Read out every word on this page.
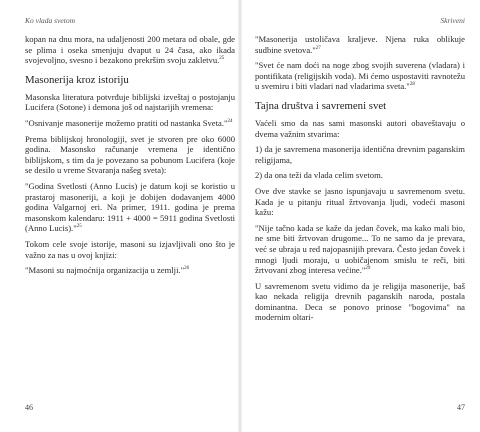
Ko vlada svetom

kopan na dnu mora, na udaljenosti 200 metara od obale, gde se plima i oseka smenjuju dvaput u 24 časa, ako ikada svojevoljno, svesno i bezakono prekršim svoju zakletvu.$^{25}$

Masonerija kroz istoriju

Masonska literatura potvrđuje biblijski izveštaj o postojanju Lucifera (Sotone) i demona još od najstarijih vremena:

"Osnivanje masonerije možemo pratiti od nastanka Sveta."$^{24}$

Prema biblijskoj hronologiji, svet je stvoren pre oko 6000 godina. Masonsko računanje vremena je identično biblijskom, s tim da je povezano sa pobunom Lucifera (koje se desilo u vreme Stvaranja našeg sveta):

"Godina Svetlosti (Anno Lucis) je datum koji se koristio u prastaroj masoneriji, a koji je dobijen dodavanjem 4000 godina Valgarnoj eri. Na primer, 1911. godina je prema masonskom kalendaru: 1911 + 4000 = 5911 godina Svetlosti (Anno Lucis)."$^{25}$

Tokom cele svoje istorije, masoni su izjavljivali ono što je važno za nas u ovoj knjizi:

"Masoni su najmoćnija organizacija u zemlji."$^{26}$

46
Skriveni

"Masonerija ustoličava kraljeve. Njena ruka oblikuje sudbine svetova."$^{27}$

"Svet će nam doći na noge zbog svojih suverena (vladara) i pontifikata (religijskih voda). Mi ćemo uspostaviti ravnotežu u svemiru i biti vladari nad vladarima sveta."$^{28}$

Tajna društva i savremeni svet

Vaćeli smo da nas sami masonski autori obaveštavaju o dvema važnim stvarima:

1) da je savremena masonerija identična drevnim paganskim religijama,

2) da ona teži da vlada celim svetom.

Ove dve stavke se jasno ispunjavaju u savremenom svetu. Kada je u pitanju ritual žrtvovanja ljudi, vodeći masoni kažu:

"Nije tačno kada se kaže da jedan čovek, ma kako mali bio, ne sme biti žrtvovan drugome... To ne samo da je prevara, već se ubraja u red najopasnijih prevara. Često jedan čovek i mnogi ljudi moraju, u uobičajenom smislu te reči, biti žrtvovani zbog interesa većine."$^{29}$

U savremenom svetu vidimo da je religija masonerije, baš kao nekada religija drevnih paganskih naroda, postala dominantna. Deca se ponovo prinose "bogovima" na modernim oltari-

47
